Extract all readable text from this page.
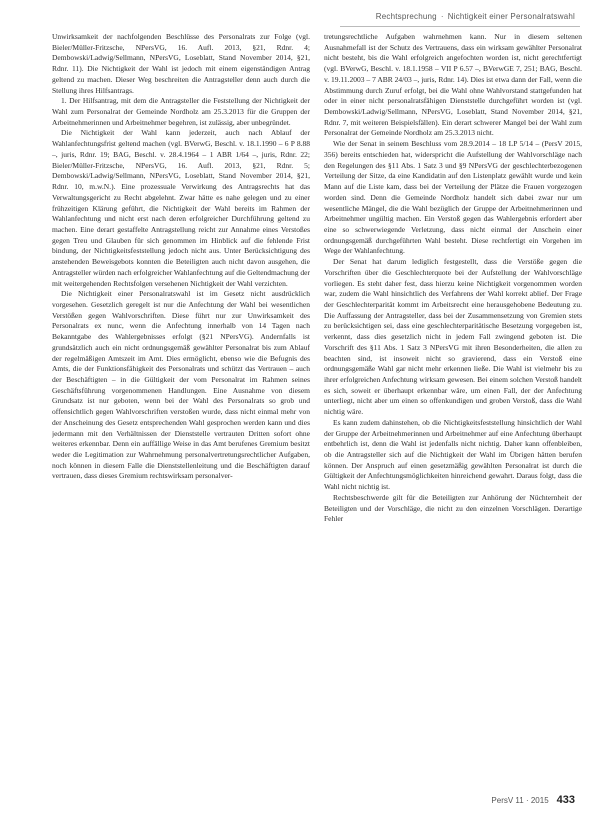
Rechtsprechung · Nichtigkeit einer Personalratswahl

Unwirksamkeit der nachfolgenden Beschlüsse des Personalrats zur Folge (vgl. Bieler/Müller-Fritzsche, NPersVG, 16. Aufl. 2013, §21, Rdnr. 4; Dembowski/Ladwig/Sellmann, NPersVG, Loseblatt, Stand November 2014, §21, Rdnr. 11). Die Nichtigkeit der Wahl ist jedoch mit einem eigenständigen Antrag geltend zu machen. Dieser Weg beschreiten die Antragsteller denn auch durch die Stellung ihres Hilfsantrags.

1. Der Hilfsantrag, mit dem die Antragsteller die Feststellung der Nichtigkeit der Wahl zum Personalrat der Gemeinde Nordholz am 25.3.2013 für die Gruppen der Arbeitnehmerinnen und Arbeitnehmer begehren, ist zulässig, aber unbegründet.

Die Nichtigkeit der Wahl kann jederzeit, auch nach Ablauf der Wahlanfechtungsfrist geltend machen (vgl. BVerwG, Beschl. v. 18.1.1990 – 6 P 8.88 –, juris, Rdnr. 19; BAG, Beschl. v. 28.4.1964 – 1 ABR 1/64 –, juris, Rdnr. 22; Bieler/Müller-Fritzsche, NPersVG, 16. Aufl. 2013, §21, Rdnr. 5; Dembowski/Ladwig/Sellmann, NPersVG, Loseblatt, Stand November 2014, §21, Rdnr. 10, m.w.N.). Eine prozessuale Verwirkung des Antragsrechts hat das Verwaltungsgericht zu Recht abgelehnt. Zwar hätte es nahe gelegen und zu einer frühzeitigen Klärung geführt, die Nichtigkeit der Wahl bereits im Rahmen der Wahlanfechtung und nicht erst nach deren erfolgreicher Durchführung geltend zu machen. Eine derart gestaffelte Antragstellung reicht zur Annahme eines Verstoßes gegen Treu und Glauben für sich genommen im Hinblick auf die fehlende Frist bindung, der Nichtigkeitsfeststellung jedoch nicht aus. Unter Berücksichtigung des anstehenden Beweisgebots konnten die Beteiligten auch nicht davon ausgehen, die Antragsteller würden nach erfolgreicher Wahlanfechtung auf die Geltendmachung der mit weitergehenden Rechtsfolgen versehenen Nichtigkeit der Wahl verzichten.

Die Nichtigkeit einer Personalratswahl ist im Gesetz nicht ausdrücklich vorgesehen. Gesetzlich geregelt ist nur die Anfechtung der Wahl bei wesentlichen Verstößen gegen Wahlvorschriften. Diese führt nur zur Unwirksamkeit des Personalrats ex nunc, wenn die Anfechtung innerhalb von 14 Tagen nach Bekanntgabe des Wahlergebnisses erfolgt (§21 NPersVG). Andernfalls ist grundsätzlich auch ein nicht ordnungsgemäß gewählter Personalrat bis zum Ablauf der regelmäßigen Amtszeit im Amt. Dies ermöglicht, ebenso wie die Befugnis des Amts, die der Funktionsfähigkeit des Personalrats und schützt das Vertrauen – auch der Beschäftigten – in die Gültigkeit der vom Personalrat im Rahmen seines Geschäftsführung vorgenommenen Handlungen. Eine Ausnahme von diesem Grundsatz ist nur geboten, wenn bei der Wahl des Personalrats so grob und offensichtlich gegen Wahlvorschriften verstoßen wurde, dass nicht einmal mehr von der Anscheinung des Gesetz entsprechenden Wahl gesprochen werden kann und dies jedermann mit den Verhältnissen der Dienststelle vertrauten Dritten sofort ohne weiteres erkennbar. Denn ein auffällige Weise in das Amt berufenes Gremium besitzt weder die Legitimation zur Wahrnehmung personalvertretungsrechtlicher Aufgaben, noch können in diesem Falle die Dienststellenleitung und die Beschäftigten darauf vertrauen, dass dieses Gremium rechtswirksam personalver-

tretungsrechtliche Aufgaben wahrnehmen kann. Nur in diesem seltenen Ausnahmefall ist der Schutz des Vertrauens, dass ein wirksam gewählter Personalrat nicht besteht, bis die Wahl erfolgreich angefochten worden ist, nicht gerechtfertigt (vgl. BVerwG, Beschl. v. 18.1.1958 – VII P 6.57 –, BVerwGE 7, 251; BAG, Beschl. v. 19.11.2003 – 7 ABR 24/03 –, juris, Rdnr. 14). Dies ist etwa dann der Fall, wenn die Abstimmung durch Zuruf erfolgt, bei die Wahl ohne Wahlvorstand stattgefunden hat oder in einer nicht personalratsfähigen Dienststelle durchgeführt worden ist (vgl. Dembowski/Ladwig/Sellmann, NPersVG, Loseblatt, Stand November 2014, §21, Rdnr. 7, mit weiteren Beispielsfällen). Ein derart schwerer Mangel bei der Wahl zum Personalrat der Gemeinde Nordholz am 25.3.2013 nicht.

Wie der Senat in seinem Beschluss vom 28.9.2014 – 18 LP 5/14 – (PersV 2015, 356) bereits entschieden hat, widerspricht die Aufstellung der Wahlvorschläge nach den Regelungen des §11 Abs. 1 Satz 3 und §9 NPersVG der geschlechterbezogenen Verteilung der Sitze, da eine Kandidatin auf den Listenplatz gewählt wurde und kein Mann auf die Liste kam, dass bei der Verteilung der Plätze die Frauen vorgezogen worden sind. Denn die Gemeinde Nordholz handelt sich dabei zwar nur um wesentliche Mängel, die die Wahl bezüglich der Gruppe der Arbeitnehmerinnen und Arbeitnehmer ungültig machen. Ein Verstoß gegen das Wahlergebnis erfordert aber eine so schwerwiegende Verletzung, dass nicht einmal der Anschein einer ordnungsgemäß durchgeführten Wahl besteht. Diese rechtfertigt ein Vorgehen im Wege der Wahlanfechtung.

Der Senat hat darum lediglich festgestellt, dass die Verstöße gegen die Vorschriften über die Geschlechterquote bei der Aufstellung der Wahlvorschläge vorliegen. Es steht daher fest, dass hierzu keine Nichtigkeit vorgenommen worden war, zudem die Wahl hinsichtlich des Verfahrens der Wahl korrekt ablief. Der Frage der Geschlechterparität kommt im Arbeitsrecht eine herausgehobene Bedeutung zu. Die Auffassung der Antragsteller, dass bei der Zusammensetzung von Gremien stets zu berücksichtigen sei, dass eine geschlechterparitätische Besetzung vorgegeben ist, verkennt, dass dies gesetzlich nicht in jedem Fall zwingend geboten ist. Die Vorschrift des §11 Abs. 1 Satz 3 NPersVG mit ihren Besonderheiten, die allen zu beachten sind, ist insoweit nicht so gravierend, dass ein Verstoß eine ordnungsgemäße Wahl gar nicht mehr erkennen ließe. Die Wahl ist vielmehr bis zu ihrer erfolgreichen Anfechtung wirksam gewesen. Bei einem solchen Verstoß handelt es sich, soweit er überhaupt erkennbar wäre, um einen Fall, der der Anfechtung unterliegt, nicht aber um einen so offenkundigen und groben Verstoß, dass die Wahl nichtig wäre.

Es kann zudem dahinstehen, ob die Nichtigkeitsfeststellung hinsichtlich der Wahl der Gruppe der Arbeitnehmerinnen und Arbeitnehmer auf eine Anfechtung überhaupt entbehrlich ist, denn die Wahl ist jedenfalls nicht nichtig. Daher kann offenbleiben, ob die Antragsteller sich auf die Nichtigkeit der Wahl im Übrigen hätten berufen können. Der Anspruch auf einen gesetzmäßig gewählten Personalrat ist durch die Gültigkeit der Anfechtungsmöglichkeiten hinreichend gewahrt. Daraus folgt, dass die Wahl nicht nichtig ist.

Rechtsbeschwerde gilt für die Beteiligten zur Anhörung der Nüchternheit der Beteiligten und der Vorschläge, die nicht zu den einzelnen Vorschlägen. Derartige Fehler

PersV 11 · 2015 433
